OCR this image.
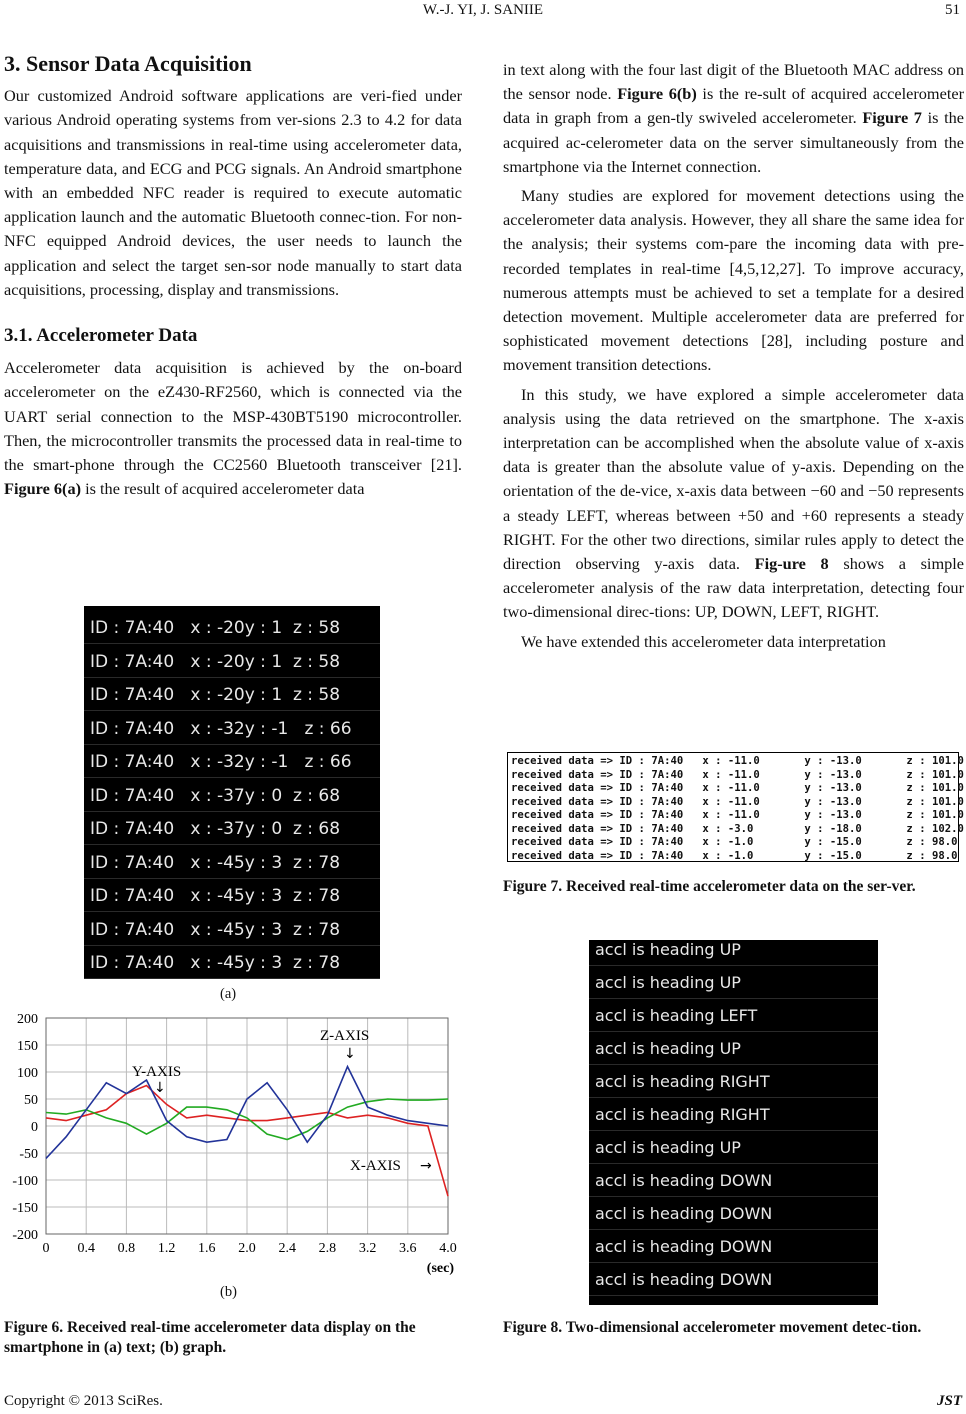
W.-J. YI, J. SANIIE	51
3. Sensor Data Acquisition

Our customized Android software applications are veri-fied under various Android operating systems from ver-sions 2.3 to 4.2 for data acquisitions and transmissions in real-time using accelerometer data, temperature data, and ECG and PCG signals. An Android smartphone with an embedded NFC reader is required to execute automatic application launch and the automatic Bluetooth connec-tion. For non-NFC equipped Android devices, the user needs to launch the application and select the target sen-sor node manually to start data acquisitions, processing, display and transmissions.

3.1. Accelerometer Data

Accelerometer data acquisition is achieved by the on-board accelerometer on the eZ430-RF2560, which is connected via the UART serial connection to the MSP-430BT5190 microcontroller. Then, the microcontroller transmits the processed data in real-time to the smart-phone through the CC2560 Bluetooth transceiver [21]. Figure 6(a) is the result of acquired accelerometer data

ID : 7A:40   x : -20y : 1  z : 58
ID : 7A:40   x : -20y : 1  z : 58
ID : 7A:40   x : -20y : 1  z : 58
ID : 7A:40   x : -32y : -1   z : 66
ID : 7A:40   x : -32y : -1   z : 66
ID : 7A:40   x : -37y : 0  z : 68
ID : 7A:40   x : -37y : 0  z : 68
ID : 7A:40   x : -45y : 3  z : 78
ID : 7A:40   x : -45y : 3  z : 78
ID : 7A:40   x : -45y : 3  z : 78
ID : 7A:40   x : -45y : 3  z : 78
(a)
200
150
100
50
0
-50
-100
-150
-200
0 0.4 0.8 1.2 1.6 2.0 2.4 2.8 3.2 3.6 4.0
(sec)
Y-AXIS
↓
Z-AXIS
↓
X-AXIS →
(b)
Figure 6. Received real-time accelerometer data display on the smartphone in (a) text; (b) graph.

in text along with the four last digit of the Bluetooth MAC address on the sensor node. Figure 6(b) is the re-sult of acquired accelerometer data in graph from a gen-tly swiveled accelerometer. Figure 7 is the acquired ac-celerometer data on the server simultaneously from the smartphone via the Internet connection.

Many studies are explored for movement detections using the accelerometer data analysis. However, they all share the same idea for the analysis; their systems com-pare the incoming data with pre-recorded templates in real-time [4,5,12,27]. To improve accuracy, numerous attempts must be achieved to set a template for a desired detection movement. Multiple accelerometer data are preferred for sophisticated movement detections [28], including posture and movement transition detections.

In this study, we have explored a simple accelerometer data analysis using the data retrieved on the smartphone. The x-axis interpretation can be accomplished when the absolute value of x-axis data is greater than the absolute value of y-axis. Depending on the orientation of the de-vice, x-axis data between −60 and −50 represents a steady LEFT, whereas between +50 and +60 represents a steady RIGHT. For the other two directions, similar rules apply to detect the direction observing y-axis data. Fig-ure 8 shows a simple accelerometer analysis of the raw data interpretation, detecting four two-dimensional direc-tions: UP, DOWN, LEFT, RIGHT.

We have extended this accelerometer data interpretation

received data => ID : 7A:40   x : -11.0       y : -13.0       z : 101.0
received data => ID : 7A:40   x : -11.0       y : -13.0       z : 101.0
received data => ID : 7A:40   x : -11.0       y : -13.0       z : 101.0
received data => ID : 7A:40   x : -11.0       y : -13.0       z : 101.0
received data => ID : 7A:40   x : -11.0       y : -13.0       z : 101.0
received data => ID : 7A:40   x : -3.0        y : -18.0       z : 102.0
received data => ID : 7A:40   x : -1.0        y : -15.0       z : 98.0
received data => ID : 7A:40   x : -1.0        y : -15.0       z : 98.0
Figure 7. Received real-time accelerometer data on the ser-ver.
accl is heading UP
accl is heading UP
accl is heading LEFT
accl is heading UP
accl is heading RIGHT
accl is heading RIGHT
accl is heading UP
accl is heading DOWN
accl is heading DOWN
accl is heading DOWN
accl is heading DOWN
Figure 8. Two-dimensional accelerometer movement detec-tion.
Copyright © 2013 SciRes.	JST
